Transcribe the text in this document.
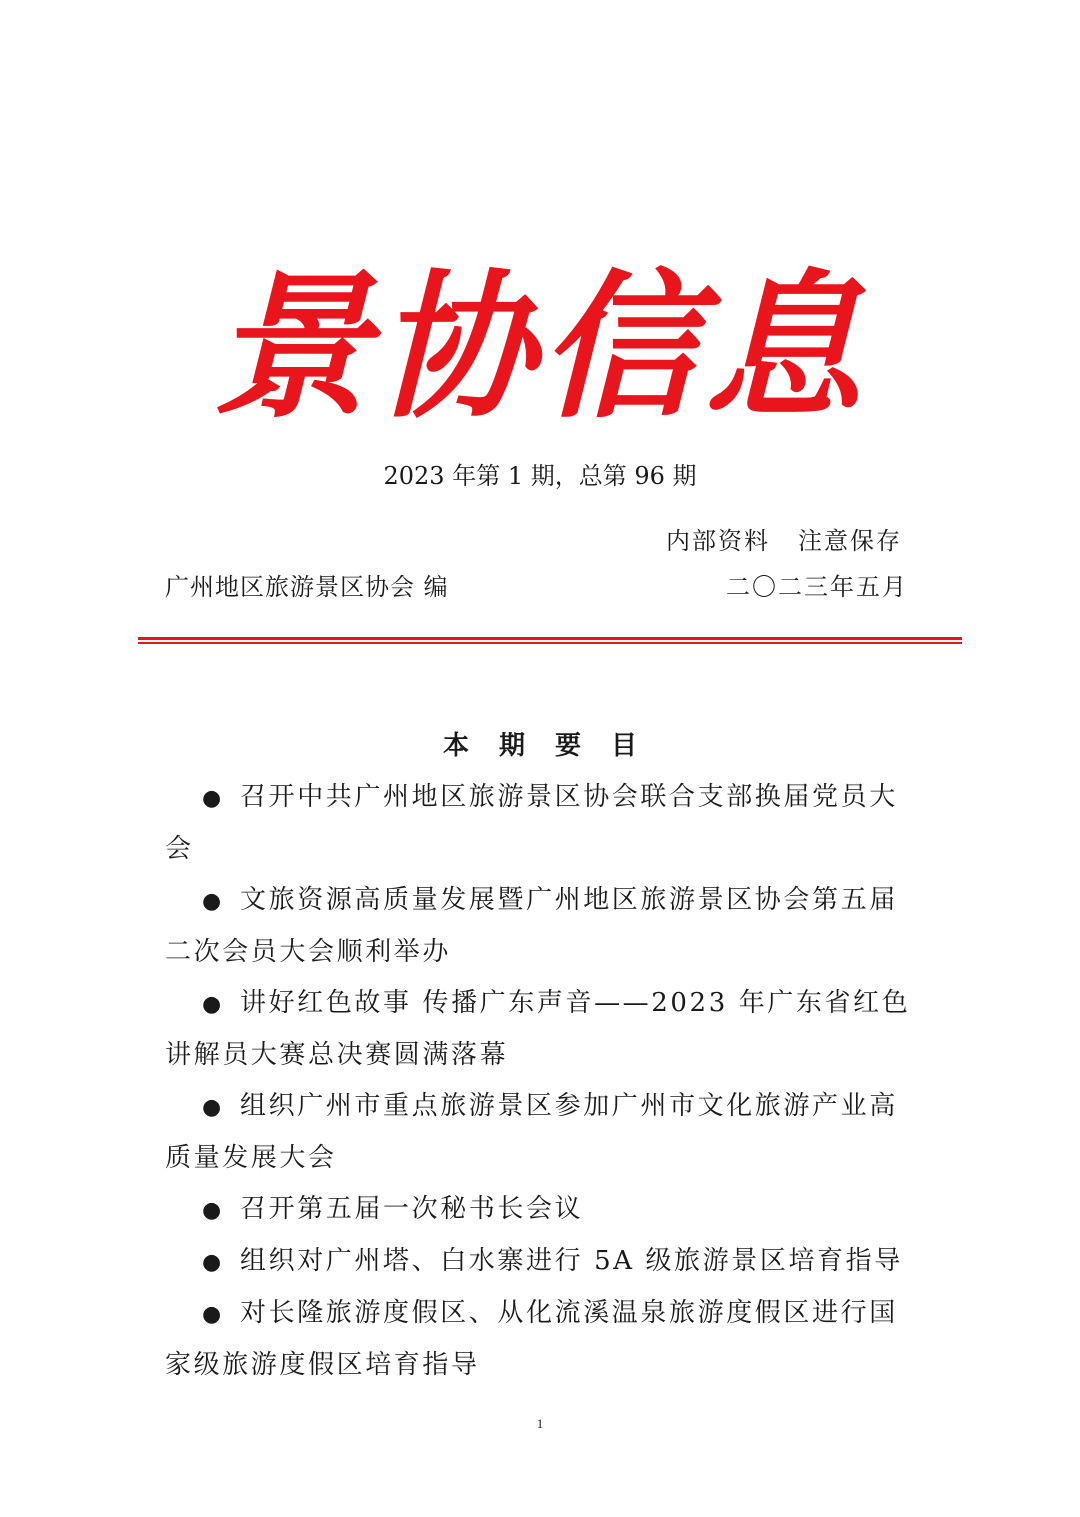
景协信息
2023 年第 1 期，总第 96 期
内部资料 注意保存
广州地区旅游景区协会 编	二〇二三年五月
本期要目
● 召开中共广州地区旅游景区协会联合支部换届党员大会
● 文旅资源高质量发展暨广州地区旅游景区协会第五届二次会员大会顺利举办
● 讲好红色故事 传播广东声音——2023 年广东省红色讲解员大赛总决赛圆满落幕
● 组织广州市重点旅游景区参加广州市文化旅游产业高质量发展大会
● 召开第五届一次秘书长会议
● 组织对广州塔、白水寨进行 5A 级旅游景区培育指导
● 对长隆旅游度假区、从化流溪温泉旅游度假区进行国家级旅游度假区培育指导
1
